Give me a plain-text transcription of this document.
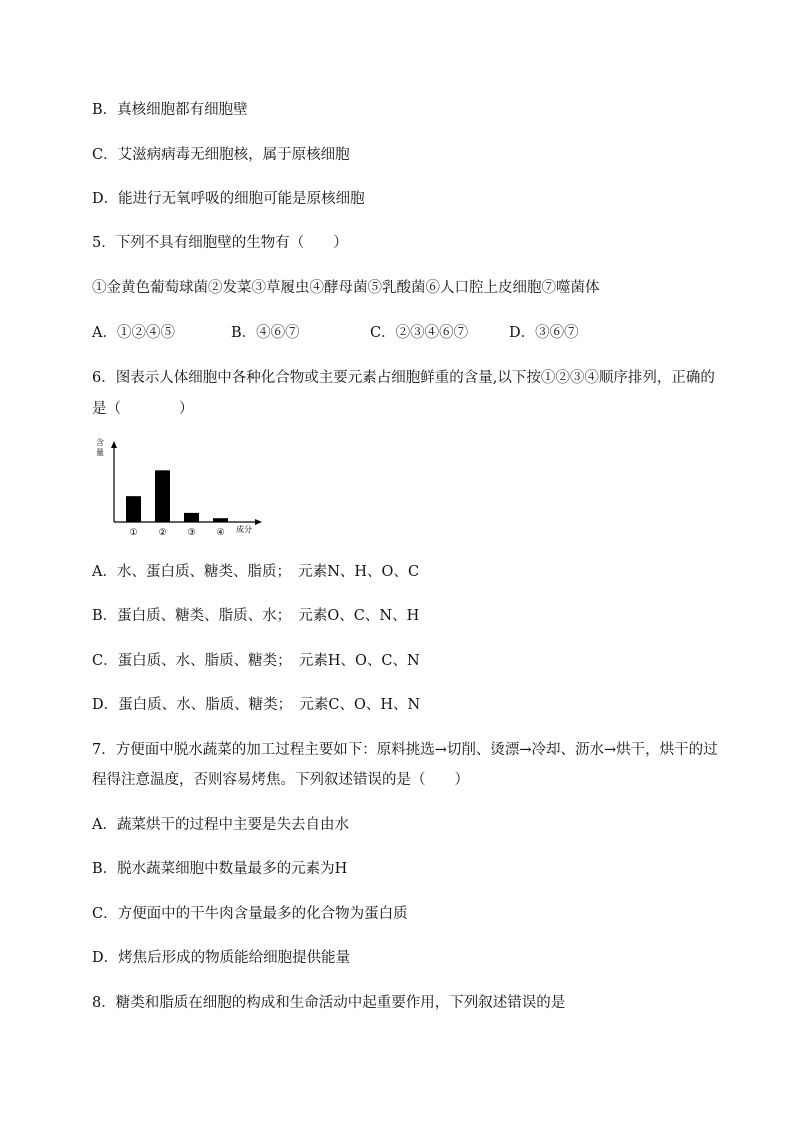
B．真核细胞都有细胞壁
C．艾滋病病毒无细胞核，属于原核细胞
D．能进行无氧呼吸的细胞可能是原核细胞
5．下列不具有细胞壁的生物有（　　）
①金黄色葡萄球菌②发菜③草履虫④酵母菌⑤乳酸菌⑥人口腔上皮细胞⑦噬菌体
A．①②④⑤	B．④⑥⑦	C．②③④⑥⑦	D．③⑥⑦
6．图表示人体细胞中各种化合物或主要元素占细胞鲜重的含量,以下按①②③④顺序排列，正确的
是（　　　　）
含量
成分
① ② ③ ④
A．水、蛋白质、糖类、脂质；　元素N、H、O、C
B．蛋白质、糖类、脂质、水；　元素O、C、N、H
C．蛋白质、水、脂质、糖类；　元素H、O、C、N
D．蛋白质、水、脂质、糖类；　元素C、O、H、N
7．方便面中脱水蔬菜的加工过程主要如下：原料挑选→切削、烫漂→冷却、沥水→烘干，烘干的过
程得注意温度，否则容易烤焦。下列叙述错误的是（　　）
A．蔬菜烘干的过程中主要是失去自由水
B．脱水蔬菜细胞中数量最多的元素为H
C．方便面中的干牛肉含量最多的化合物为蛋白质
D．烤焦后形成的物质能给细胞提供能量
8．糖类和脂质在细胞的构成和生命活动中起重要作用，下列叙述错误的是
